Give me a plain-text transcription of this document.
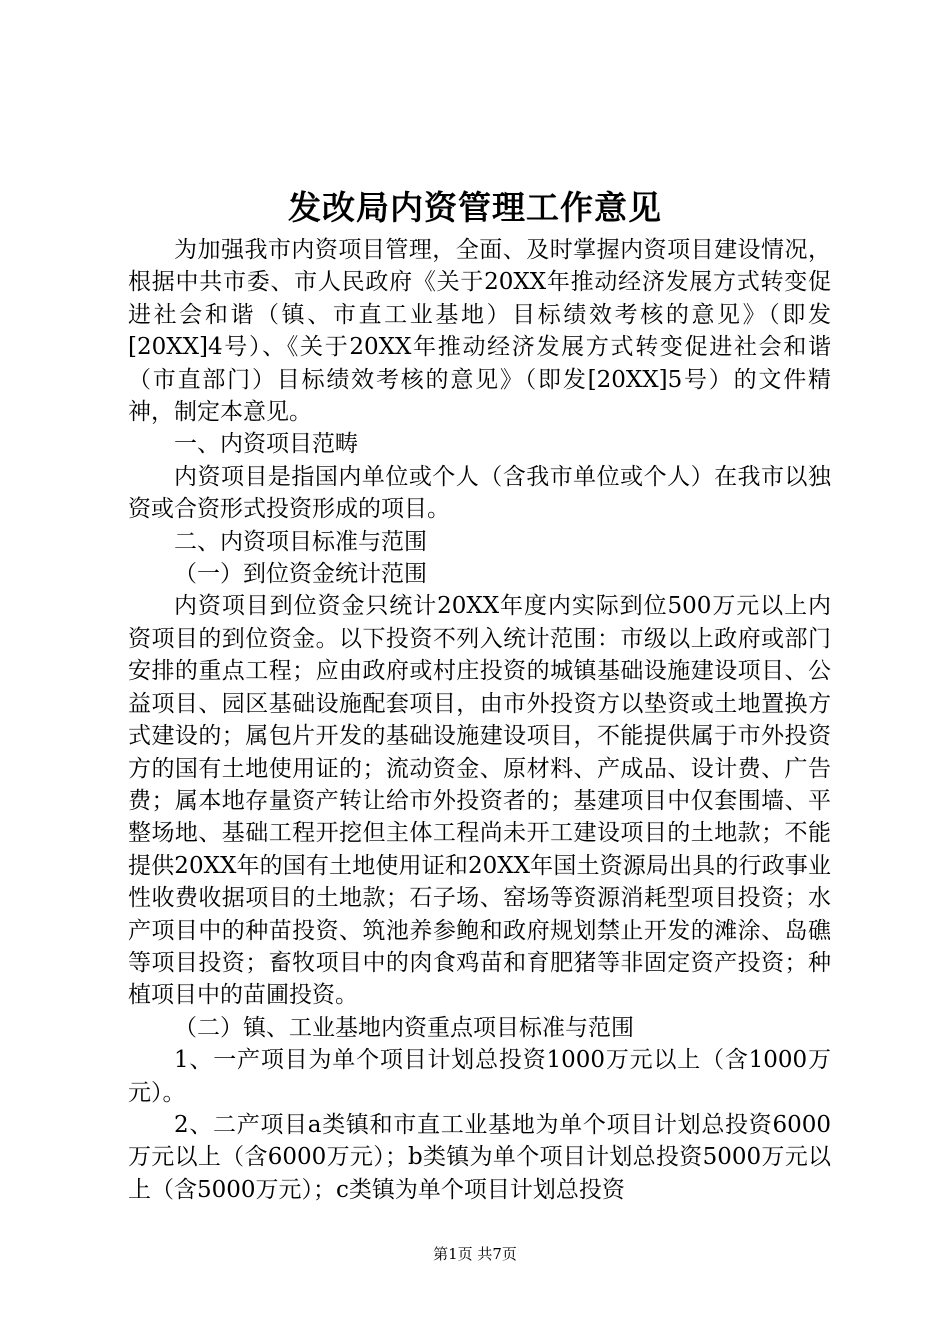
发改局内资管理工作意见

为加强我市内资项目管理，全面、及时掌握内资项目建设情况，根据中共市委、市人民政府《关于20XX年推动经济发展方式转变促进社会和谐（镇、市直工业基地）目标绩效考核的意见》（即发[20XX]4号）、《关于20XX年推动经济发展方式转变促进社会和谐（市直部门）目标绩效考核的意见》（即发[20XX]5号）的文件精神，制定本意见。

一、内资项目范畴

内资项目是指国内单位或个人（含我市单位或个人）在我市以独资或合资形式投资形成的项目。

二、内资项目标准与范围

（一）到位资金统计范围

内资项目到位资金只统计20XX年度内实际到位500万元以上内资项目的到位资金。以下投资不列入统计范围：市级以上政府或部门安排的重点工程；应由政府或村庄投资的城镇基础设施建设项目、公益项目、园区基础设施配套项目，由市外投资方以垫资或土地置换方式建设的；属包片开发的基础设施建设项目，不能提供属于市外投资方的国有土地使用证的；流动资金、原材料、产成品、设计费、广告费；属本地存量资产转让给市外投资者的；基建项目中仅套围墙、平整场地、基础工程开挖但主体工程尚未开工建设项目的土地款；不能提供20XX年的国有土地使用证和20XX年国土资源局出具的行政事业性收费收据项目的土地款；石子场、窑场等资源消耗型项目投资；水产项目中的种苗投资、筑池养参鲍和政府规划禁止开发的滩涂、岛礁等项目投资；畜牧项目中的肉食鸡苗和育肥猪等非固定资产投资；种植项目中的苗圃投资。

（二）镇、工业基地内资重点项目标准与范围

1、一产项目为单个项目计划总投资1000万元以上（含1000万元）。

2、二产项目a类镇和市直工业基地为单个项目计划总投资6000万元以上（含6000万元）；b类镇为单个项目计划总投资5000万元以上（含5000万元）；c类镇为单个项目计划总投资

第1页 共7页
